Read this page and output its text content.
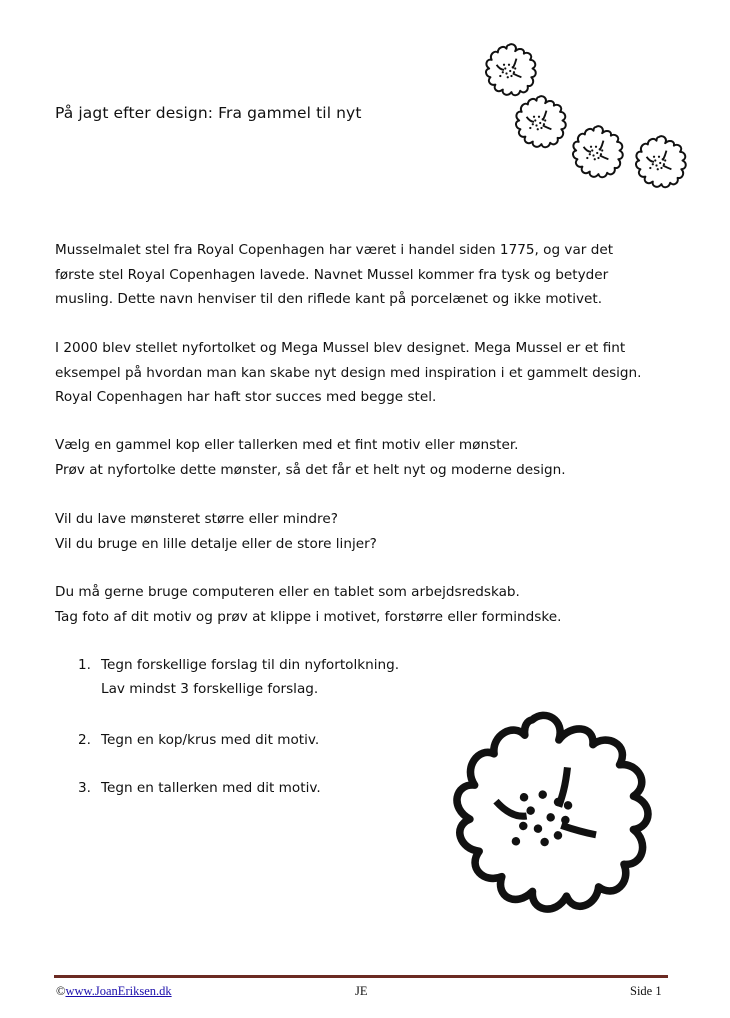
På jagt efter design: Fra gammel til nyt
Musselmalet stel fra Royal Copenhagen har været i handel siden 1775, og var det
første stel Royal Copenhagen lavede. Navnet Mussel kommer fra tysk og betyder
musling. Dette navn henviser til den riflede kant på porcelænet og ikke motivet.
I 2000 blev stellet nyfortolket og Mega Mussel blev designet. Mega Mussel er et fint
eksempel på hvordan man kan skabe nyt design med inspiration i et gammelt design.
Royal Copenhagen har haft stor succes med begge stel.
Vælg en gammel kop eller tallerken med et fint motiv eller mønster.
Prøv at nyfortolke dette mønster, så det får et helt nyt og moderne design.
Vil du lave mønsteret større eller mindre?
Vil du bruge en lille detalje eller de store linjer?
Du må gerne bruge computeren eller en tablet som arbejdsredskab.
Tag foto af dit motiv og prøv at klippe i motivet, forstørre eller formindske.
1. Tegn forskellige forslag til din nyfortolkning.
Lav mindst 3 forskellige forslag.
2. Tegn en kop/krus med dit motiv.
3. Tegn en tallerken med dit motiv.
©www.JoanEriksen.dk	JE	Side 1
